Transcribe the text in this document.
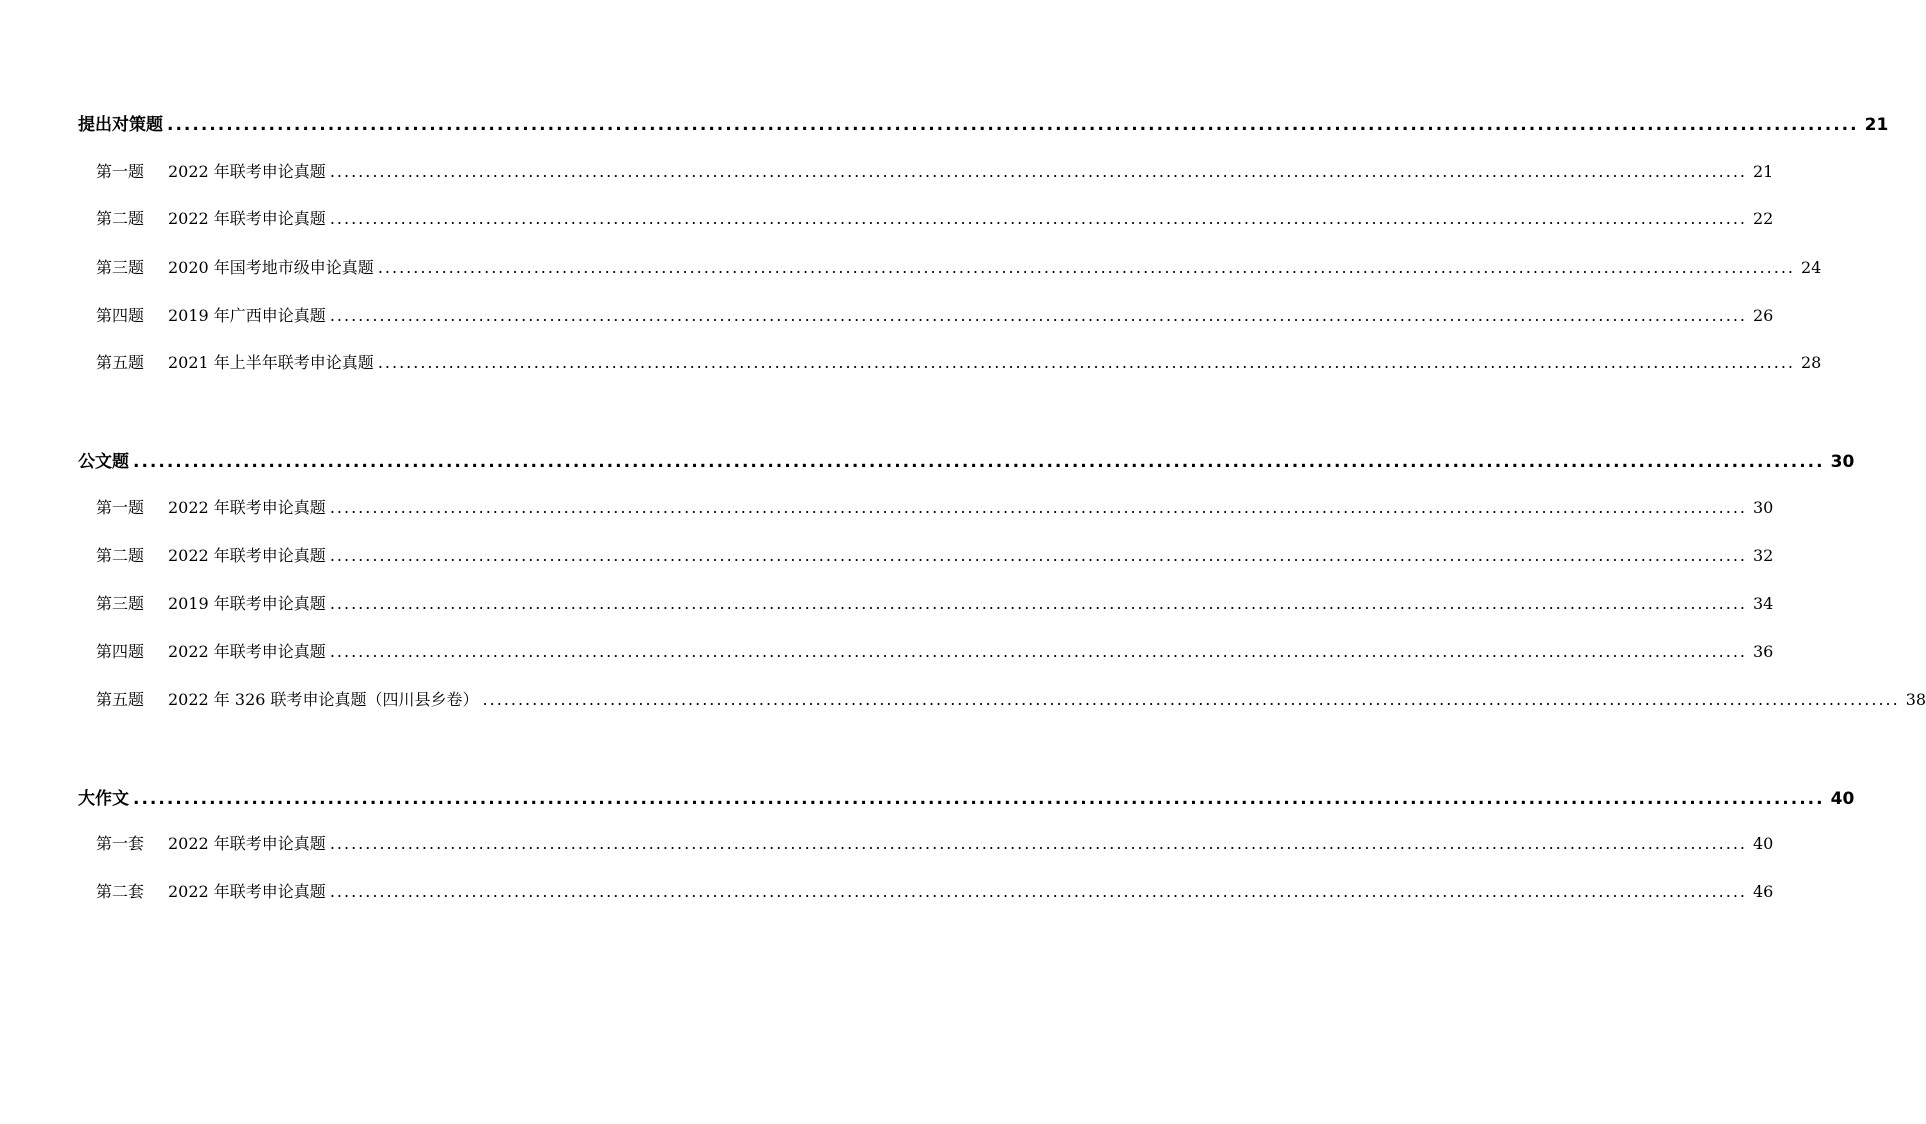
提出对策题 ........................................................................................................................................................................................................ 21
第一题 2022 年联考申论真题 ........................................................................................................................................................................................................ 21
第二题 2022 年联考申论真题 ........................................................................................................................................................................................................ 22
第三题 2020 年国考地市级申论真题 ........................................................................................................................................................................................................ 24
第四题 2019 年广西申论真题 ........................................................................................................................................................................................................ 26
第五题 2021 年上半年联考申论真题 ........................................................................................................................................................................................................ 28
公文题 ........................................................................................................................................................................................................ 30
第一题 2022 年联考申论真题 ........................................................................................................................................................................................................ 30
第二题 2022 年联考申论真题 ........................................................................................................................................................................................................ 32
第三题 2019 年联考申论真题 ........................................................................................................................................................................................................ 34
第四题 2022 年联考申论真题 ........................................................................................................................................................................................................ 36
第五题 2022 年 326 联考申论真题（四川县乡卷） ........................................................................................................................................................................................................ 38
大作文 ........................................................................................................................................................................................................ 40
第一套 2022 年联考申论真题 ........................................................................................................................................................................................................ 40
第二套 2022 年联考申论真题 ........................................................................................................................................................................................................ 46
